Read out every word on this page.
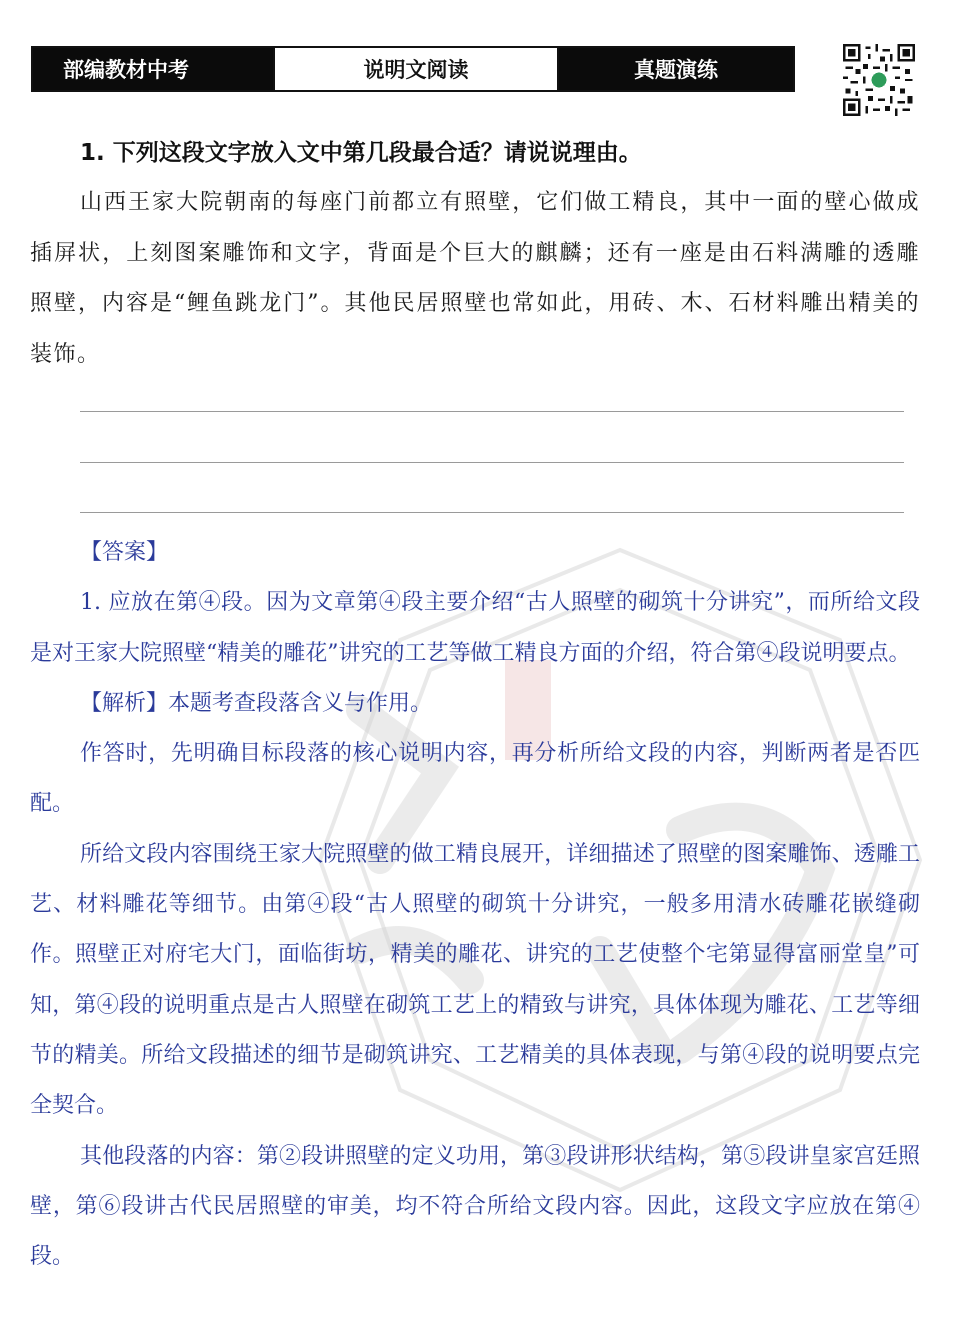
部编教材中考	说明文阅读	真题演练
1. 下列这段文字放入文中第几段最合适？请说说理由。
山西王家大院朝南的每座门前都立有照壁，它们做工精良，其中一面的壁心做成插屏状，上刻图案雕饰和文字，背面是个巨大的麒麟；还有一座是由石料满雕的透雕照壁，内容是“鲤鱼跳龙门”。其他民居照壁也常如此，用砖、木、石材料雕出精美的装饰。

【答案】

1. 应放在第④段。因为文章第④段主要介绍“古人照壁的砌筑十分讲究”，而所给文段是对王家大院照壁“精美的雕花”讲究的工艺等做工精良方面的介绍，符合第④段说明要点。

【解析】本题考查段落含义与作用。

作答时，先明确目标段落的核心说明内容，再分析所给文段的内容，判断两者是否匹配。

所给文段内容围绕王家大院照壁的做工精良展开，详细描述了照壁的图案雕饰、透雕工艺、材料雕花等细节。由第④段“古人照壁的砌筑十分讲究，一般多用清水砖雕花嵌缝砌作。照壁正对府宅大门，面临街坊，精美的雕花、讲究的工艺使整个宅第显得富丽堂皇”可知，第④段的说明重点是古人照壁在砌筑工艺上的精致与讲究，具体体现为雕花、工艺等细节的精美。所给文段描述的细节是砌筑讲究、工艺精美的具体表现，与第④段的说明要点完全契合。

其他段落的内容：第②段讲照壁的定义功用，第③段讲形状结构，第⑤段讲皇家宫廷照壁，第⑥段讲古代民居照壁的审美，均不符合所给文段内容。因此，这段文字应放在第④段。
